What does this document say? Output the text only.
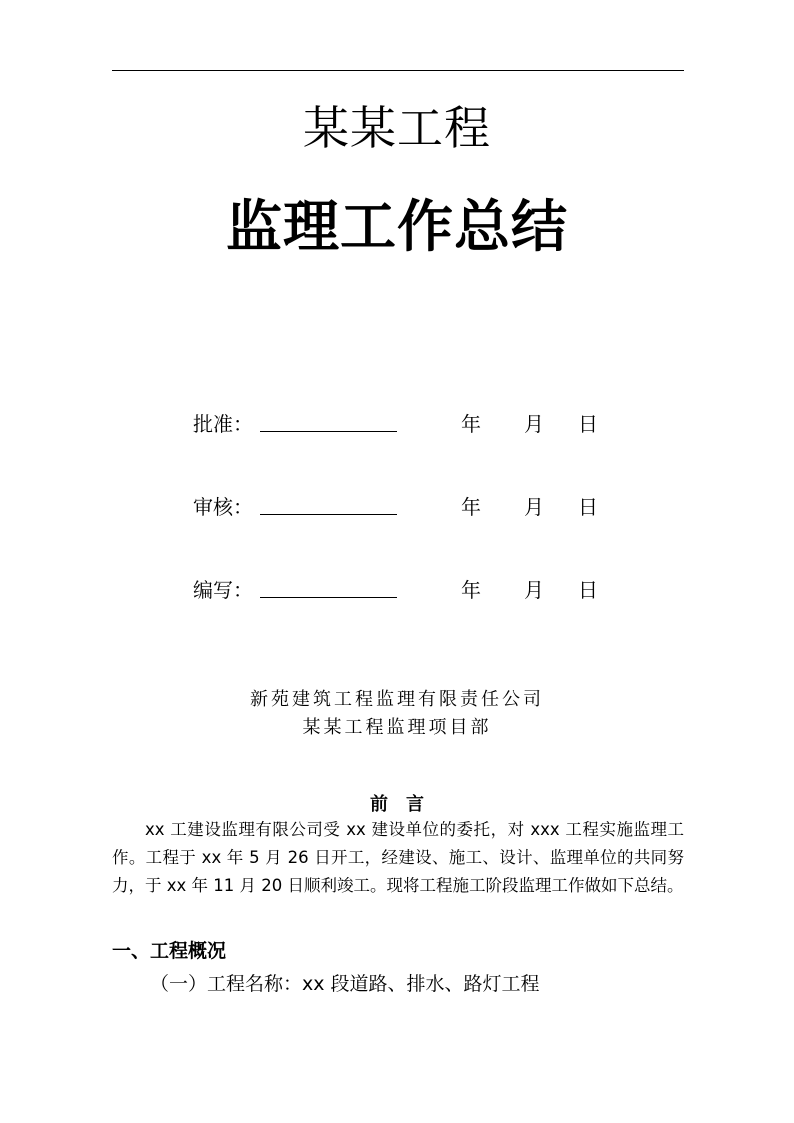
某某工程
监理工作总结
批准：	年 月 日
审核：	年 月 日
编写：	年 月 日
新苑建筑工程监理有限责任公司
某某工程监理项目部
前　言
xx 工建设监理有限公司受 xx 建设单位的委托，对 xxx 工程实施监理工作。工程于 xx 年 5 月 26 日开工，经建设、施工、设计、监理单位的共同努力，于 xx 年 11 月 20 日顺利竣工。现将工程施工阶段监理工作做如下总结。
一、工程概况
（一）工程名称：xx 段道路、排水、路灯工程
